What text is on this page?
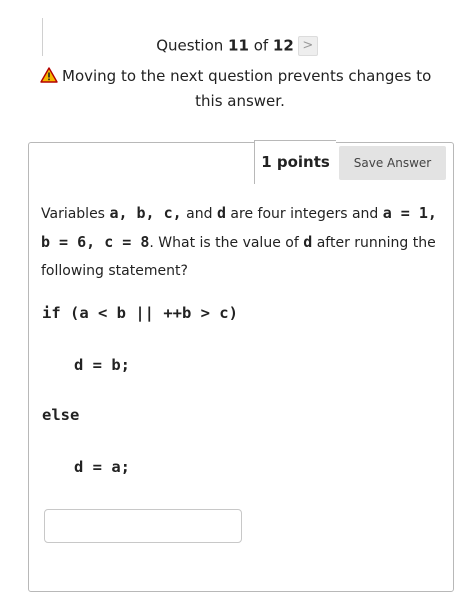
Question 11 of 12 >
Moving to the next question prevents changes to
this answer.
1 points	Save Answer
Variables a, b, c, and d are four integers and a = 1, b = 6, c = 8. What is the value of d after running the following statement?
if (a < b || ++b > c)
d = b;
else
d = a;
